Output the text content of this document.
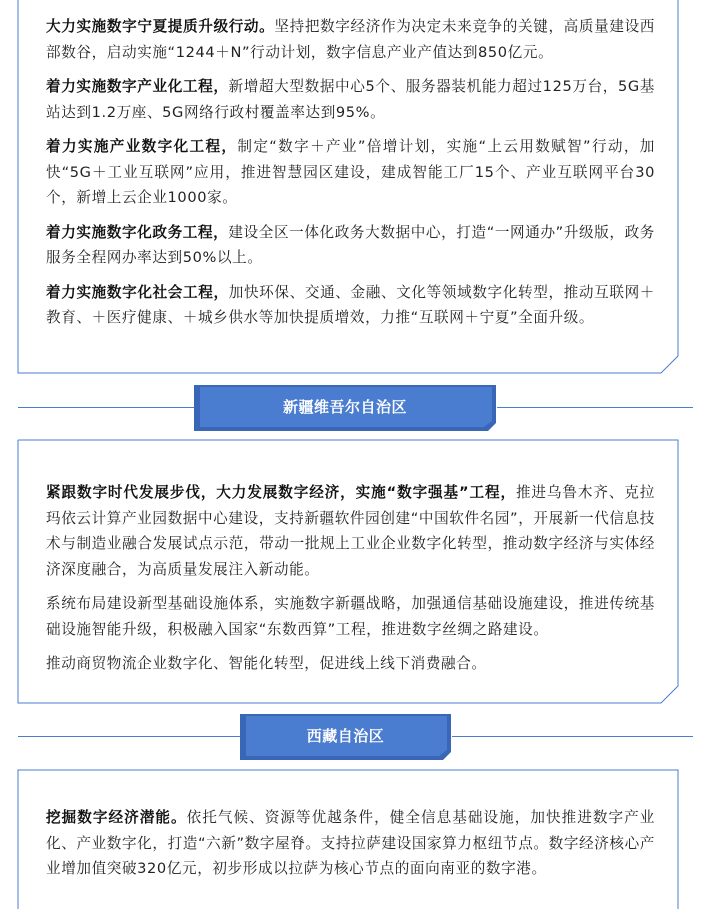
大力实施数字宁夏提质升级行动。坚持把数字经济作为决定未来竞争的关键，高质量建设西部数谷，启动实施“1244＋N”行动计划，数字信息产业产值达到850亿元。

着力实施数字产业化工程，新增超大型数据中心5个、服务器装机能力超过125万台，5G基站达到1.2万座、5G网络行政村覆盖率达到95%。

着力实施产业数字化工程，制定“数字＋产业”倍增计划，实施“上云用数赋智”行动，加快“5G＋工业互联网”应用，推进智慧园区建设，建成智能工厂15个、产业互联网平台30个，新增上云企业1000家。

着力实施数字化政务工程，建设全区一体化政务大数据中心，打造“一网通办”升级版，政务服务全程网办率达到50%以上。

着力实施数字化社会工程，加快环保、交通、金融、文化等领域数字化转型，推动互联网＋教育、＋医疗健康、＋城乡供水等加快提质增效，力推“互联网＋宁夏”全面升级。

新疆维吾尔自治区

紧跟数字时代发展步伐，大力发展数字经济，实施“数字强基”工程，推进乌鲁木齐、克拉玛依云计算产业园数据中心建设，支持新疆软件园创建“中国软件名园”，开展新一代信息技术与制造业融合发展试点示范，带动一批规上工业企业数字化转型，推动数字经济与实体经济深度融合，为高质量发展注入新动能。

系统布局建设新型基础设施体系，实施数字新疆战略，加强通信基础设施建设，推进传统基础设施智能升级，积极融入国家“东数西算”工程，推进数字丝绸之路建设。

推动商贸物流企业数字化、智能化转型，促进线上线下消费融合。

西藏自治区

挖掘数字经济潜能。依托气候、资源等优越条件，健全信息基础设施，加快推进数字产业化、产业数字化，打造“六新”数字屋脊。支持拉萨建设国家算力枢纽节点。数字经济核心产业增加值突破320亿元，初步形成以拉萨为核心节点的面向南亚的数字港。
